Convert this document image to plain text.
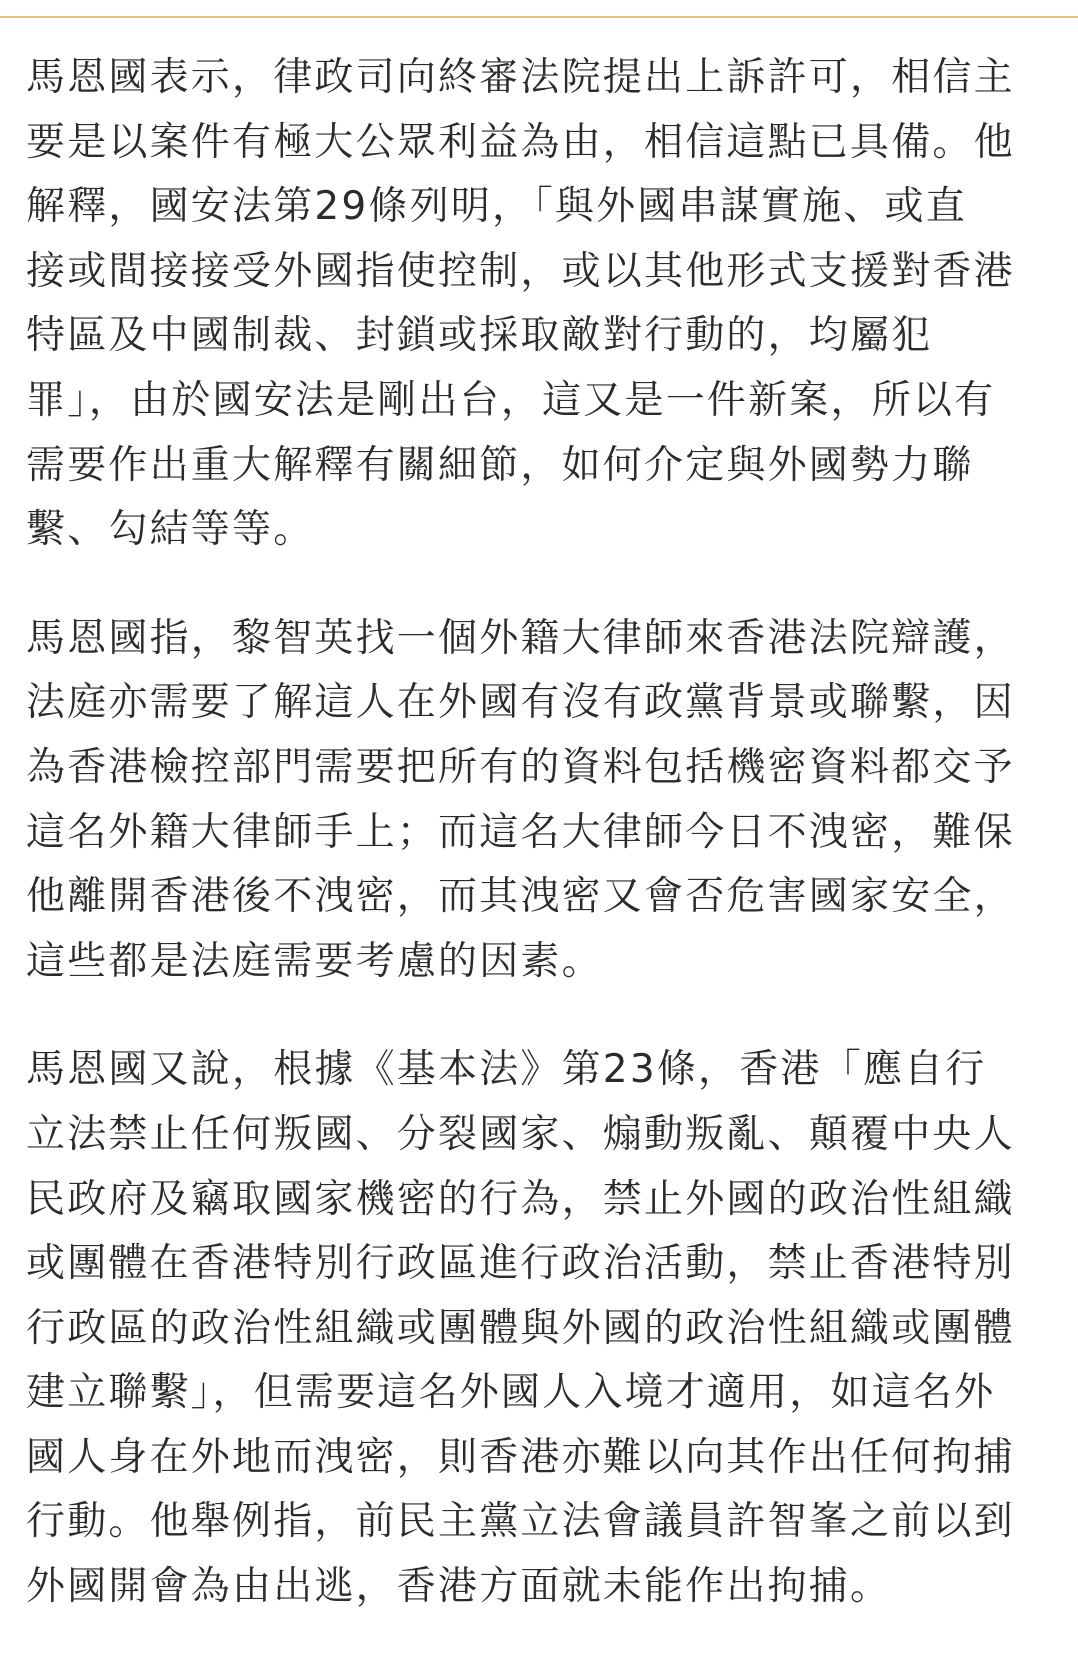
馬恩國表示，律政司向終審法院提出上訴許可，相信主
要是以案件有極大公眾利益為由，相信這點已具備。他
解釋，國安法第29條列明，「與外國串謀實施、或直
接或間接接受外國指使控制，或以其他形式支援對香港
特區及中國制裁、封鎖或採取敵對行動的，均屬犯
罪」，由於國安法是剛出台，這又是一件新案，所以有
需要作出重大解釋有關細節，如何介定與外國勢力聯
繫、勾結等等。

馬恩國指，黎智英找一個外籍大律師來香港法院辯護，
法庭亦需要了解這人在外國有沒有政黨背景或聯繫，因
為香港檢控部門需要把所有的資料包括機密資料都交予
這名外籍大律師手上；而這名大律師今日不洩密，難保
他離開香港後不洩密，而其洩密又會否危害國家安全，
這些都是法庭需要考慮的因素。

馬恩國又說，根據《基本法》第23條，香港「應自行
立法禁止任何叛國、分裂國家、煽動叛亂、顛覆中央人
民政府及竊取國家機密的行為，禁止外國的政治性組織
或團體在香港特別行政區進行政治活動，禁止香港特別
行政區的政治性組織或團體與外國的政治性組織或團體
建立聯繫」，但需要這名外國人入境才適用，如這名外
國人身在外地而洩密，則香港亦難以向其作出任何拘捕
行動。他舉例指，前民主黨立法會議員許智峯之前以到
外國開會為由出逃，香港方面就未能作出拘捕。
